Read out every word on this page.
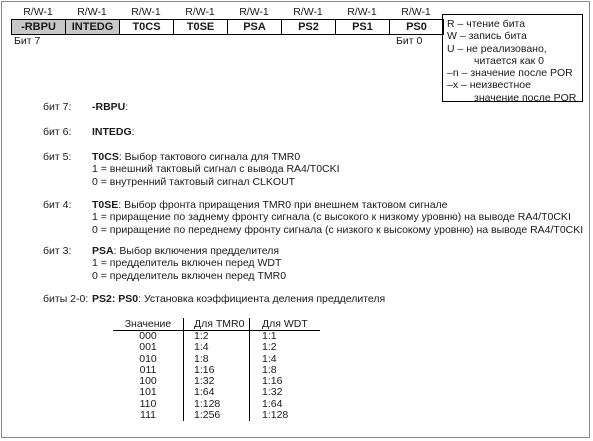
R/W-1	R/W-1	R/W-1	R/W-1	R/W-1	R/W-1	R/W-1	R/W-1
-RBPU	INTEDG	T0CS	T0SE	PSA	PS2	PS1	PS0
Бит 7	Бит 0
R – чтение бита
W – запись бита
U – не реализовано,
читается как 0
–n – значение после POR
–x – неизвестное
значение после POR
бит 7: -RBPU:
бит 6: INTEDG:
бит 5: T0CS: Выбор тактового сигнала для TMR0
1 = внешний тактовый сигнал с вывода RA4/T0CKI
0 = внутренний тактовый сигнал CLKOUT
бит 4: T0SE: Выбор фронта приращения TMR0 при внешнем тактовом сигнале
1 = приращение по заднему фронту сигнала (с высокого к низкому уровню) на выводе RA4/T0CKI
0 = приращение по переднему фронту сигнала (с низкого к высокому уровню) на выводе RA4/T0CKI
бит 3: PSA: Выбор включения предделителя
1 = предделитель включен перед WDT
0 = предделитель включен перед TMR0
биты 2-0: PS2: PS0: Установка коэффициента деления предделителя
Значение	Для TMR0	Для WDT
000	1:2	1:1
001	1:4	1:2
010	1:8	1:4
011	1:16	1:8
100	1:32	1:16
101	1:64	1:32
110	1:128	1:64
111	1:256	1:128
